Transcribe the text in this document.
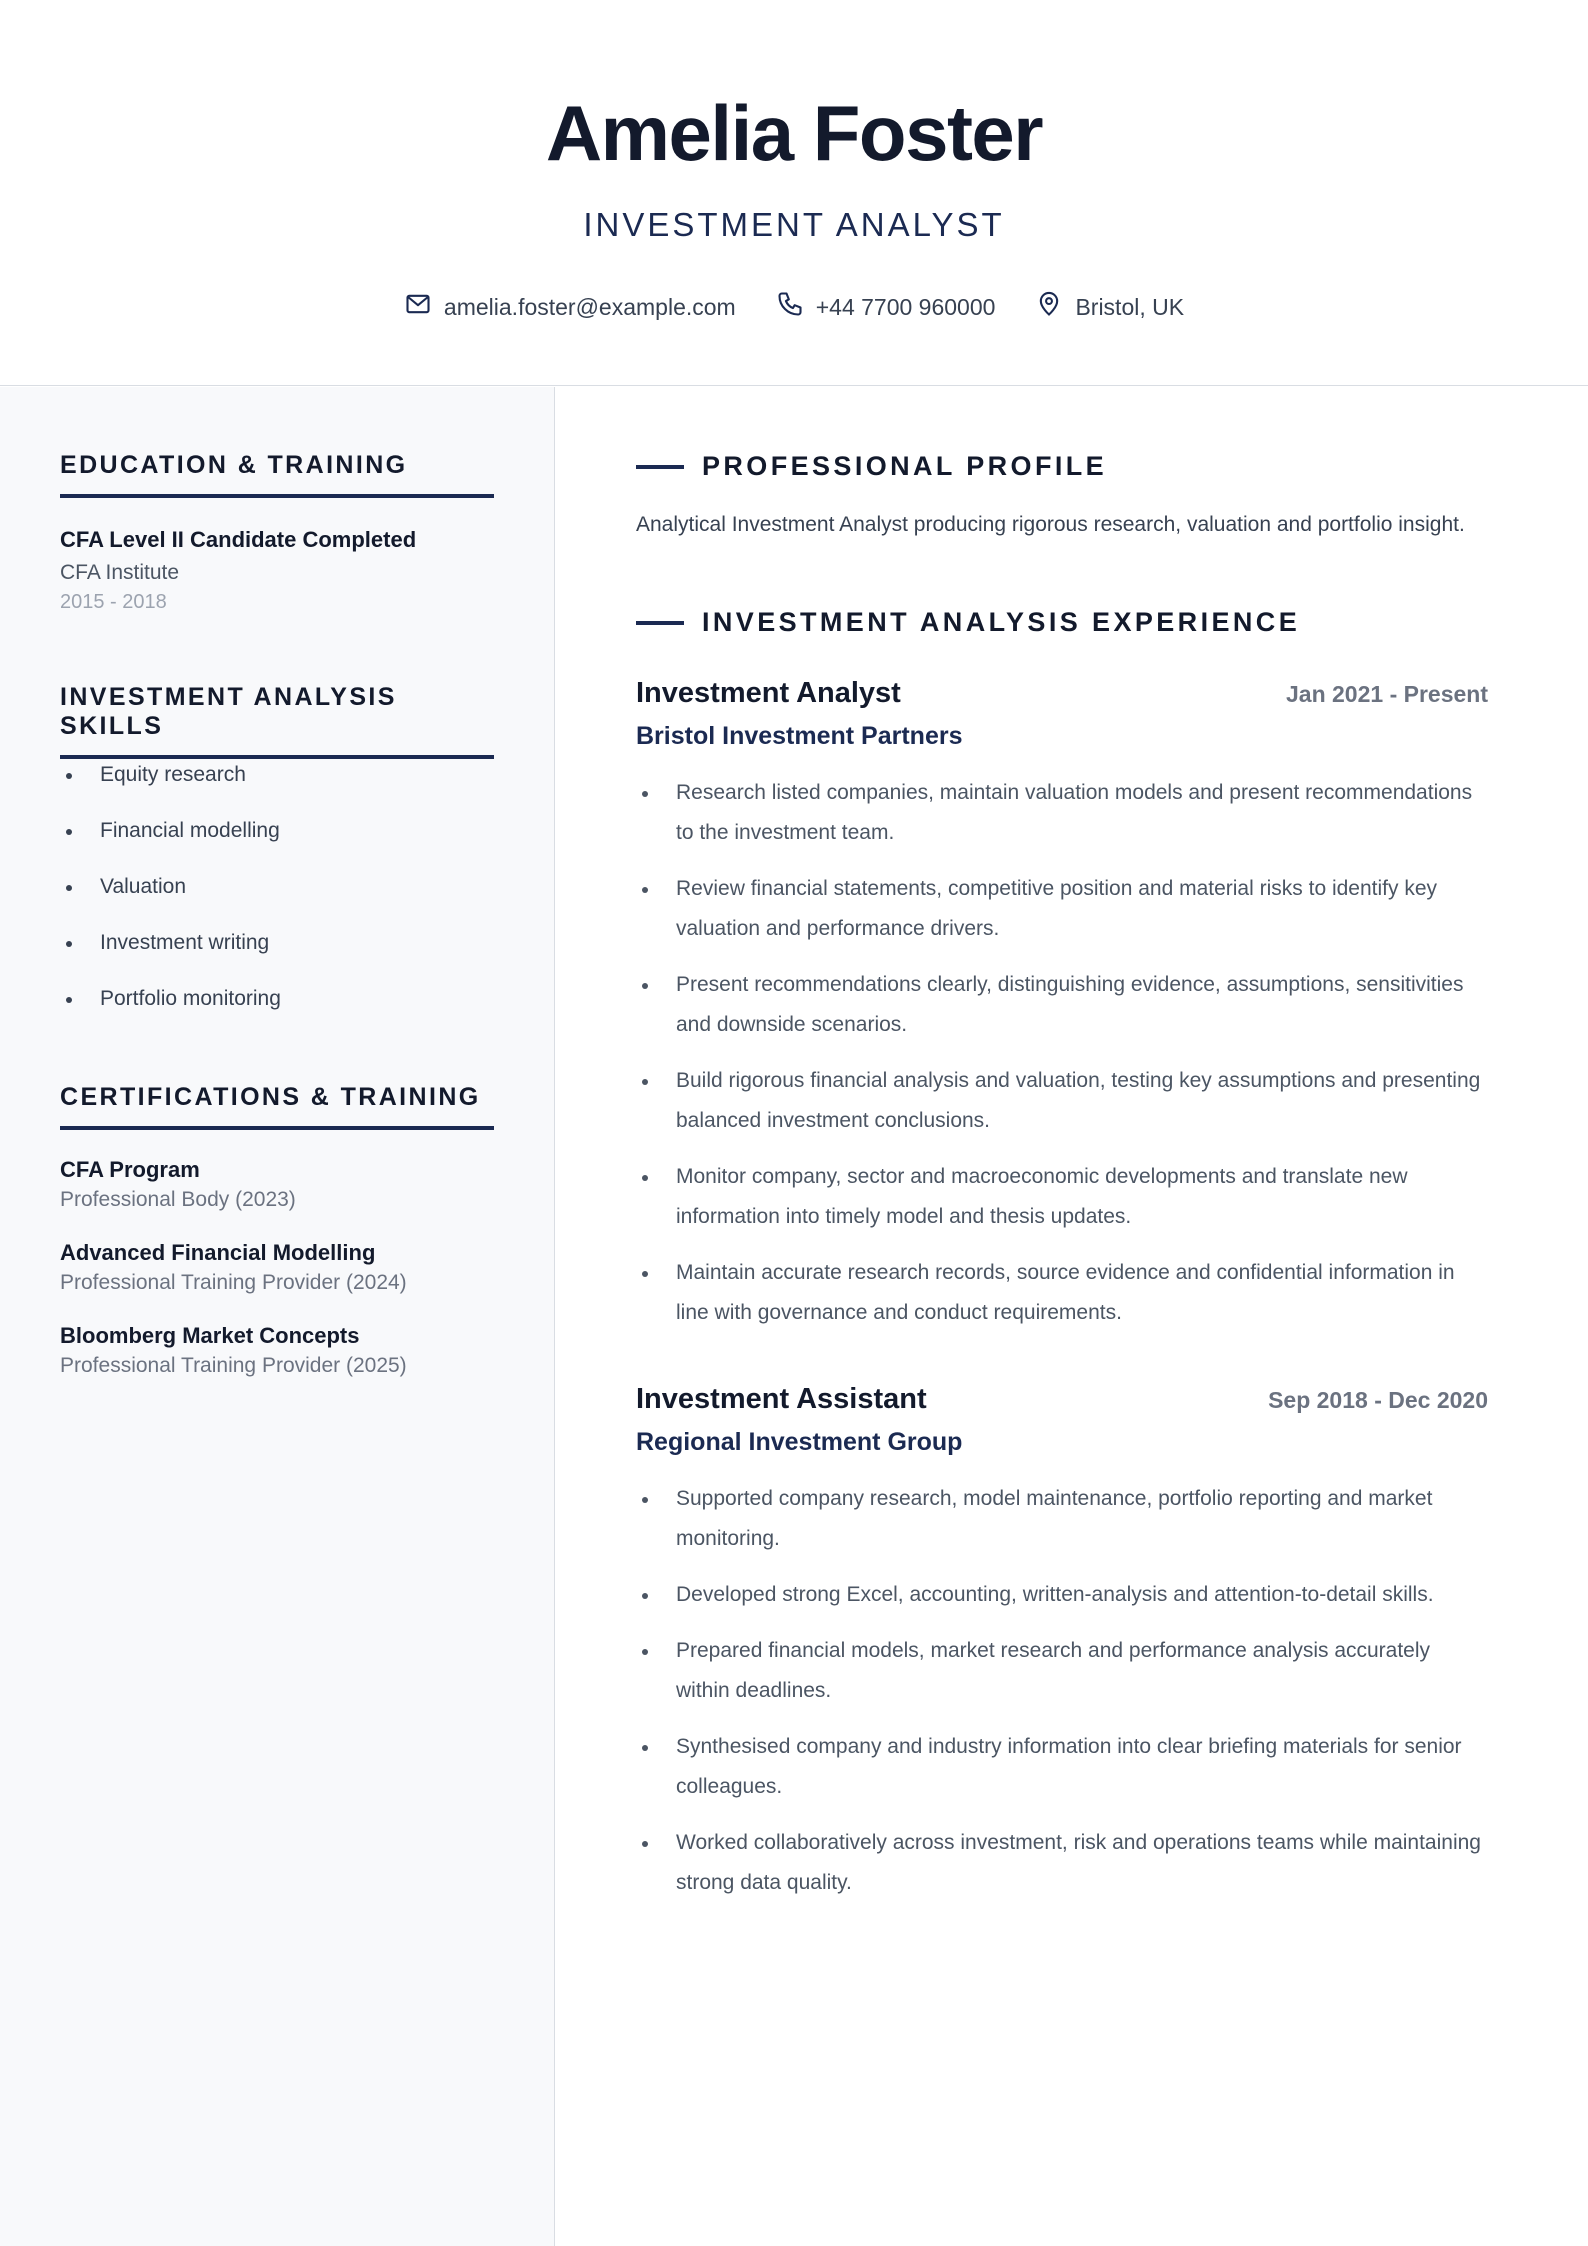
Amelia Foster
INVESTMENT ANALYST
amelia.foster@example.com	+44 7700 960000	Bristol, UK
EDUCATION & TRAINING
CFA Level II Candidate Completed
CFA Institute
2015 - 2018
INVESTMENT ANALYSIS SKILLS
Equity research
Financial modelling
Valuation
Investment writing
Portfolio monitoring
CERTIFICATIONS & TRAINING
CFA Program
Professional Body (2023)
Advanced Financial Modelling
Professional Training Provider (2024)
Bloomberg Market Concepts
Professional Training Provider (2025)
PROFESSIONAL PROFILE
Analytical Investment Analyst producing rigorous research, valuation and portfolio insight.
INVESTMENT ANALYSIS EXPERIENCE
Investment Analyst	Jan 2021 - Present
Bristol Investment Partners
Research listed companies, maintain valuation models and present recommendations to the investment team.
Review financial statements, competitive position and material risks to identify key valuation and performance drivers.
Present recommendations clearly, distinguishing evidence, assumptions, sensitivities and downside scenarios.
Build rigorous financial analysis and valuation, testing key assumptions and presenting balanced investment conclusions.
Monitor company, sector and macroeconomic developments and translate new information into timely model and thesis updates.
Maintain accurate research records, source evidence and confidential information in line with governance and conduct requirements.
Investment Assistant	Sep 2018 - Dec 2020
Regional Investment Group
Supported company research, model maintenance, portfolio reporting and market monitoring.
Developed strong Excel, accounting, written-analysis and attention-to-detail skills.
Prepared financial models, market research and performance analysis accurately within deadlines.
Synthesised company and industry information into clear briefing materials for senior colleagues.
Worked collaboratively across investment, risk and operations teams while maintaining strong data quality.
